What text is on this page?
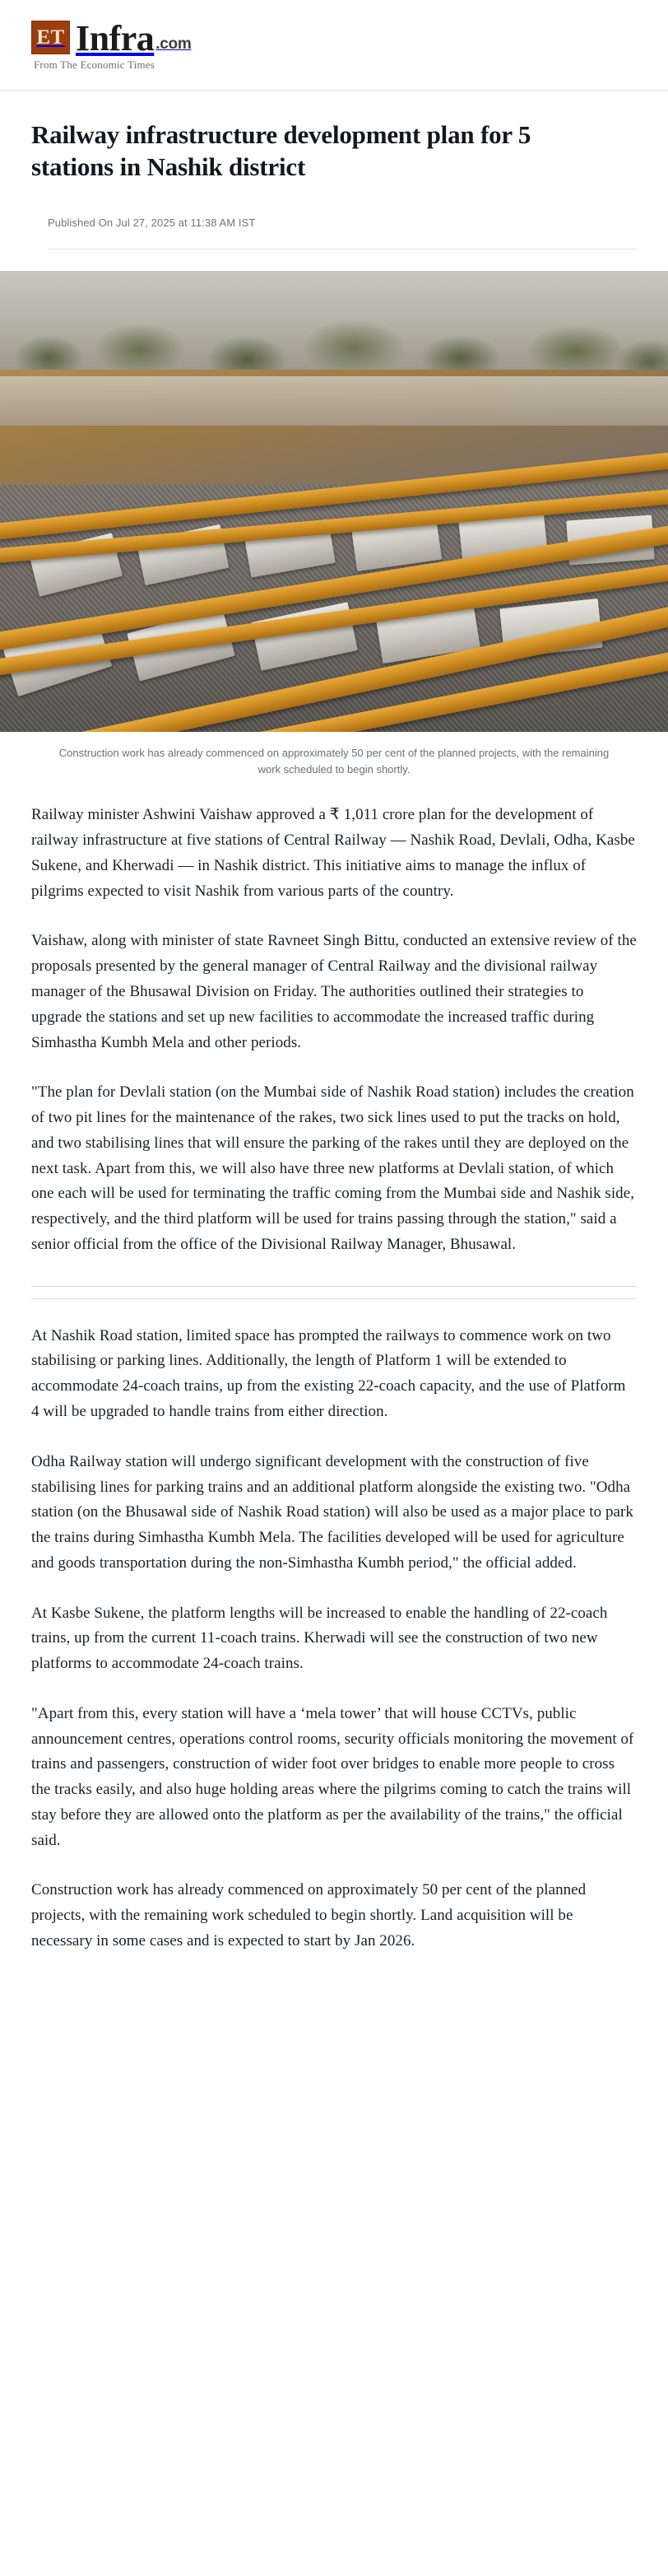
ET Infra .com
From The Economic Times
Railway infrastructure development plan for 5 stations in Nashik district
Published On Jul 27, 2025 at 11:38 AM IST
Construction work has already commenced on approximately 50 per cent of the planned projects, with the remaining work scheduled to begin shortly.

Railway minister Ashwini Vaishaw approved a ₹ 1,011 crore plan for the development of railway infrastructure at five stations of Central Railway — Nashik Road, Devlali, Odha, Kasbe Sukene, and Kherwadi — in Nashik district. This initiative aims to manage the influx of pilgrims expected to visit Nashik from various parts of the country.

Vaishaw, along with minister of state Ravneet Singh Bittu, conducted an extensive review of the proposals presented by the general manager of Central Railway and the divisional railway manager of the Bhusawal Division on Friday. The authorities outlined their strategies to upgrade the stations and set up new facilities to accommodate the increased traffic during Simhastha Kumbh Mela and other periods.

"The plan for Devlali station (on the Mumbai side of Nashik Road station) includes the creation of two pit lines for the maintenance of the rakes, two sick lines used to put the tracks on hold, and two stabilising lines that will ensure the parking of the rakes until they are deployed on the next task. Apart from this, we will also have three new platforms at Devlali station, of which one each will be used for terminating the traffic coming from the Mumbai side and Nashik side, respectively, and the third platform will be used for trains passing through the station," said a senior official from the office of the Divisional Railway Manager, Bhusawal.

At Nashik Road station, limited space has prompted the railways to commence work on two stabilising or parking lines. Additionally, the length of Platform 1 will be extended to accommodate 24-coach trains, up from the existing 22-coach capacity, and the use of Platform 4 will be upgraded to handle trains from either direction.

Odha Railway station will undergo significant development with the construction of five stabilising lines for parking trains and an additional platform alongside the existing two. "Odha station (on the Bhusawal side of Nashik Road station) will also be used as a major place to park the trains during Simhastha Kumbh Mela. The facilities developed will be used for agriculture and goods transportation during the non-Simhastha Kumbh period," the official added.

At Kasbe Sukene, the platform lengths will be increased to enable the handling of 22-coach trains, up from the current 11-coach trains. Kherwadi will see the construction of two new platforms to accommodate 24-coach trains.

"Apart from this, every station will have a ‘mela tower’ that will house CCTVs, public announcement centres, operations control rooms, security officials monitoring the movement of trains and passengers, construction of wider foot over bridges to enable more people to cross the tracks easily, and also huge holding areas where the pilgrims coming to catch the trains will stay before they are allowed onto the platform as per the availability of the trains," the official said.

Construction work has already commenced on approximately 50 per cent of the planned projects, with the remaining work scheduled to begin shortly. Land acquisition will be necessary in some cases and is expected to start by Jan 2026.
